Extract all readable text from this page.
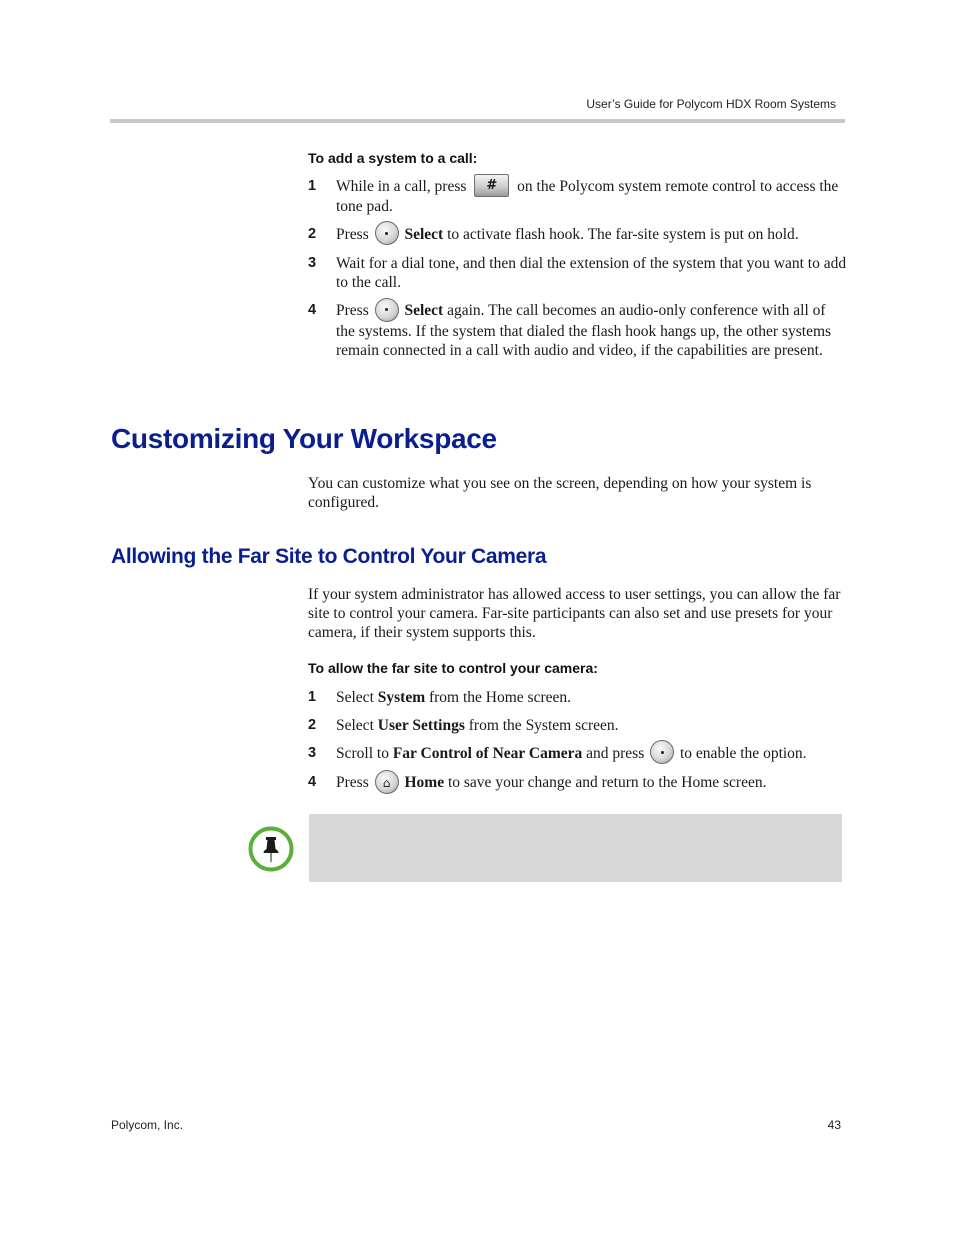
User’s Guide for Polycom HDX Room Systems
To add a system to a call:
1 While in a call, press # on the Polycom system remote control to access the tone pad.
2 Press Select to activate flash hook. The far-site system is put on hold.
3 Wait for a dial tone, and then dial the extension of the system that you want to add to the call.
4 Press Select again. The call becomes an audio-only conference with all of the systems. If the system that dialed the flash hook hangs up, the other systems remain connected in a call with audio and video, if the capabilities are present.
Customizing Your Workspace
You can customize what you see on the screen, depending on how your system is configured.
Allowing the Far Site to Control Your Camera
If your system administrator has allowed access to user settings, you can allow the far site to control your camera. Far-site participants can also set and use presets for your camera, if their system supports this.
To allow the far site to control your camera:
1 Select System from the Home screen.
2 Select User Settings from the System screen.
3 Scroll to Far Control of Near Camera and press to enable the option.
4 Press	⌂ Home to save your change and return to the Home screen.
Polycom, Inc.	43
